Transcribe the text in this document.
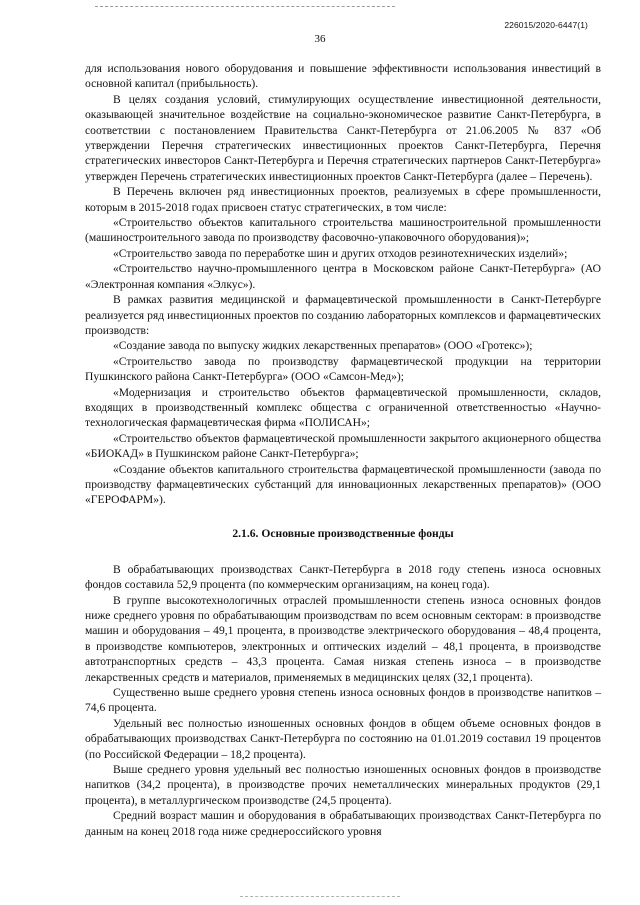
226015/2020-6447(1)
36

для использования нового оборудования и повышение эффективности использования инвестиций в основной капитал (прибыльность).

В целях создания условий, стимулирующих осуществление инвестиционной деятельности, оказывающей значительное воздействие на социально-экономическое развитие Санкт-Петербурга, в соответствии с постановлением Правительства Санкт-Петербурга от 21.06.2005 № 837 «Об утверждении Перечня стратегических инвестиционных проектов Санкт-Петербурга, Перечня стратегических инвесторов Санкт-Петербурга и Перечня стратегических партнеров Санкт-Петербурга» утвержден Перечень стратегических инвестиционных проектов Санкт-Петербурга (далее – Перечень).

В Перечень включен ряд инвестиционных проектов, реализуемых в сфере промышленности, которым в 2015-2018 годах присвоен статус стратегических, в том числе:

«Строительство объектов капитального строительства машиностроительной промышленности (машиностроительного завода по производству фасовочно-упаковочного оборудования)»;

«Строительство завода по переработке шин и других отходов резинотехнических изделий»;

«Строительство научно-промышленного центра в Московском районе Санкт-Петербурга» (АО «Электронная компания «Элкус»).

В рамках развития медицинской и фармацевтической промышленности в Санкт-Петербурге реализуется ряд инвестиционных проектов по созданию лабораторных комплексов и фармацевтических производств:

«Создание завода по выпуску жидких лекарственных препаратов» (ООО «Гротекс»);

«Строительство завода по производству фармацевтической продукции на территории Пушкинского района Санкт-Петербурга» (ООО «Самсон-Мед»);

«Модернизация и строительство объектов фармацевтической промышленности, складов, входящих в производственный комплекс общества с ограниченной ответственностью «Научно-технологическая фармацевтическая фирма «ПОЛИСАН»;

«Строительство объектов фармацевтической промышленности закрытого акционерного общества «БИОКАД» в Пушкинском районе Санкт-Петербурга»;

«Создание объектов капитального строительства фармацевтической промышленности (завода по производству фармацевтических субстанций для инновационных лекарственных препаратов)» (ООО «ГЕРОФАРМ»).

2.1.6. Основные производственные фонды

В обрабатывающих производствах Санкт-Петербурга в 2018 году степень износа основных фондов составила 52,9 процента (по коммерческим организациям, на конец года).

В группе высокотехнологичных отраслей промышленности степень износа основных фондов ниже среднего уровня по обрабатывающим производствам по всем основным секторам: в производстве машин и оборудования – 49,1 процента, в производстве электрического оборудования – 48,4 процента, в производстве компьютеров, электронных и оптических изделий – 48,1 процента, в производстве автотранспортных средств – 43,3 процента. Самая низкая степень износа – в производстве лекарственных средств и материалов, применяемых в медицинских целях (32,1 процента).

Существенно выше среднего уровня степень износа основных фондов в производстве напитков – 74,6 процента.

Удельный вес полностью изношенных основных фондов в общем объеме основных фондов в обрабатывающих производствах Санкт-Петербурга по состоянию на 01.01.2019 составил 19 процентов (по Российской Федерации – 18,2 процента).

Выше среднего уровня удельный вес полностью изношенных основных фондов в производстве напитков (34,2 процента), в производстве прочих неметаллических минеральных продуктов (29,1 процента), в металлургическом производстве (24,5 процента).

Средний возраст машин и оборудования в обрабатывающих производствах Санкт-Петербурга по данным на конец 2018 года ниже среднероссийского уровня
